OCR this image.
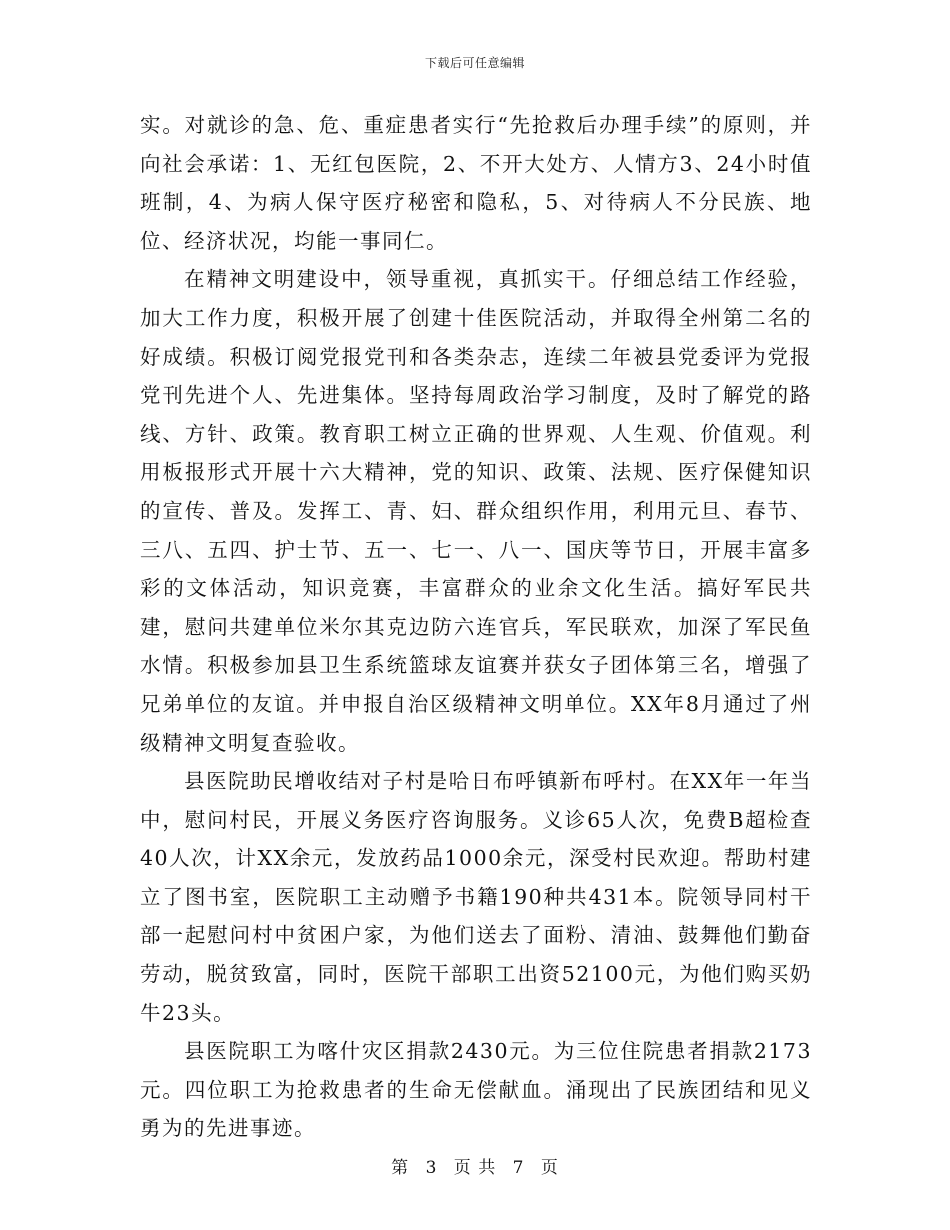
下载后可任意编辑

实。对就诊的急、危、重症患者实行“先抢救后办理手续”的原则，并向社会承诺：1、无红包医院，2、不开大处方、人情方3、24小时值班制，4、为病人保守医疗秘密和隐私，5、对待病人不分民族、地位、经济状况，均能一事同仁。

在精神文明建设中，领导重视，真抓实干。仔细总结工作经验，加大工作力度，积极开展了创建十佳医院活动，并取得全州第二名的好成绩。积极订阅党报党刊和各类杂志，连续二年被县党委评为党报党刊先进个人、先进集体。坚持每周政治学习制度，及时了解党的路线、方针、政策。教育职工树立正确的世界观、人生观、价值观。利用板报形式开展十六大精神，党的知识、政策、法规、医疗保健知识的宣传、普及。发挥工、青、妇、群众组织作用，利用元旦、春节、三八、五四、护士节、五一、七一、八一、国庆等节日，开展丰富多彩的文体活动，知识竞赛，丰富群众的业余文化生活。搞好军民共建，慰问共建单位米尔其克边防六连官兵，军民联欢，加深了军民鱼水情。积极参加县卫生系统篮球友谊赛并获女子团体第三名，增强了兄弟单位的友谊。并申报自治区级精神文明单位。XX年8月通过了州级精神文明复查验收。

县医院助民增收结对子村是哈日布呼镇新布呼村。在XX年一年当中，慰问村民，开展义务医疗咨询服务。义诊65人次，免费B超检查40人次，计XX余元，发放药品1000余元，深受村民欢迎。帮助村建立了图书室，医院职工主动赠予书籍190种共431本。院领导同村干部一起慰问村中贫困户家，为他们送去了面粉、清油、鼓舞他们勤奋劳动，脱贫致富，同时，医院干部职工出资52100元，为他们购买奶牛23头。

县医院职工为喀什灾区捐款2430元。为三位住院患者捐款2173元。四位职工为抢救患者的生命无偿献血。涌现出了民族团结和见义勇为的先进事迹。

第 3 页 共 7 页
